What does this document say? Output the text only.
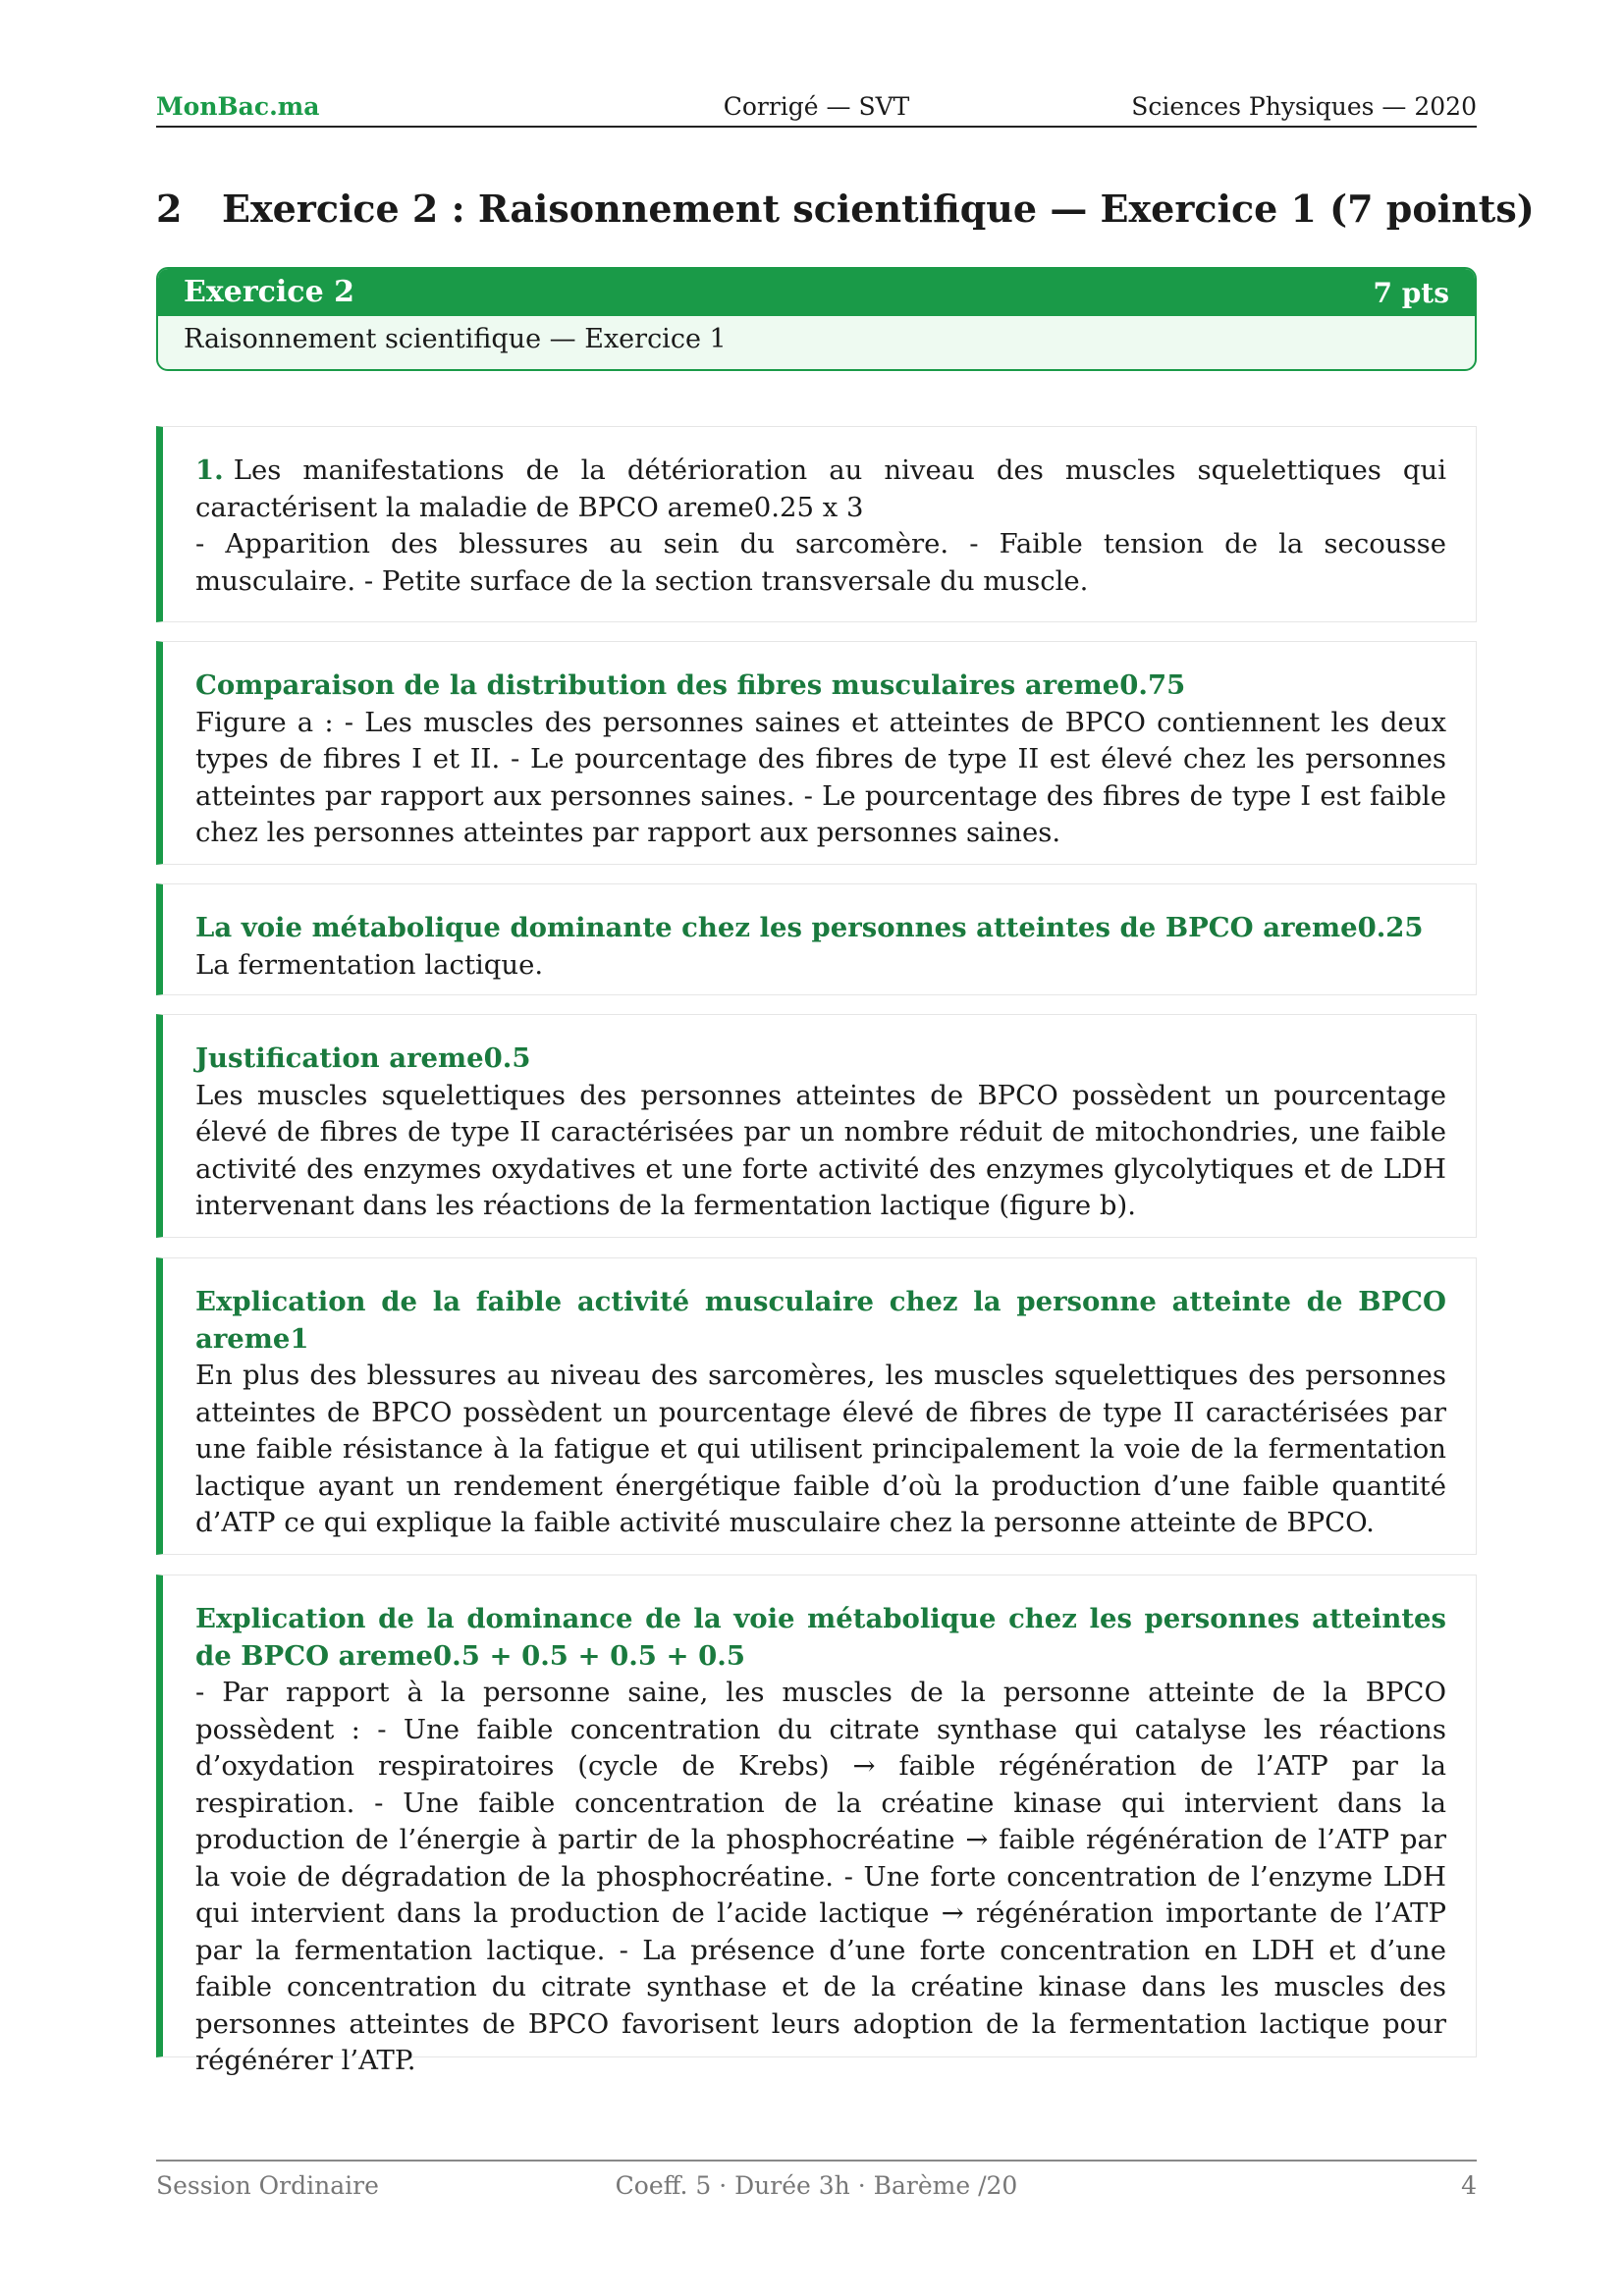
MonBac.ma	Corrigé — SVT	Sciences Physiques — 2020
2 Exercice 2 : Raisonnement scientifique — Exercice 1 (7 points)
Exercice 2	7 pts
Raisonnement scientifique — Exercice 1

1. Les manifestations de la détérioration au niveau des muscles squelettiques qui caractérisent la maladie de BPCO areme0.25 x 3

- Apparition des blessures au sein du sarcomère. - Faible tension de la secousse musculaire. - Petite surface de la section transversale du muscle.

Comparaison de la distribution des fibres musculaires areme0.75

Figure a : - Les muscles des personnes saines et atteintes de BPCO contiennent les deux types de fibres I et II. - Le pourcentage des fibres de type II est élevé chez les personnes atteintes par rapport aux personnes saines. - Le pourcentage des fibres de type I est faible chez les personnes atteintes par rapport aux personnes saines.

La voie métabolique dominante chez les personnes atteintes de BPCO areme0.25

La fermentation lactique.

Justification areme0.5

Les muscles squelettiques des personnes atteintes de BPCO possèdent un pourcentage élevé de fibres de type II caractérisées par un nombre réduit de mitochondries, une faible activité des enzymes oxydatives et une forte activité des enzymes glycolytiques et de LDH intervenant dans les réactions de la fermentation lactique (figure b).

Explication de la faible activité musculaire chez la personne atteinte de BPCO areme1

En plus des blessures au niveau des sarcomères, les muscles squelettiques des personnes atteintes de BPCO possèdent un pourcentage élevé de fibres de type II caractérisées par une faible résistance à la fatigue et qui utilisent principalement la voie de la fermentation lactique ayant un rendement énergétique faible d’où la production d’une faible quantité d’ATP ce qui explique la faible activité musculaire chez la personne atteinte de BPCO.

Explication de la dominance de la voie métabolique chez les personnes atteintes de BPCO areme0.5 + 0.5 + 0.5 + 0.5

- Par rapport à la personne saine, les muscles de la personne atteinte de la BPCO possèdent : - Une faible concentration du citrate synthase qui catalyse les réactions d’oxydation respiratoires (cycle de Krebs) → faible régénération de l’ATP par la respiration. - Une faible concentration de la créatine kinase qui intervient dans la production de l’énergie à partir de la phosphocréatine → faible régénération de l’ATP par la voie de dégradation de la phosphocréatine. - Une forte concentration de l’enzyme LDH qui intervient dans la production de l’acide lactique → régénération importante de l’ATP par la fermentation lactique. - La présence d’une forte concentration en LDH et d’une faible concentration du citrate synthase et de la créatine kinase dans les muscles des personnes atteintes de BPCO favorisent leurs adoption de la fermentation lactique pour régénérer l’ATP.

Session Ordinaire	Coeff. 5 · Durée 3h · Barème /20	4
